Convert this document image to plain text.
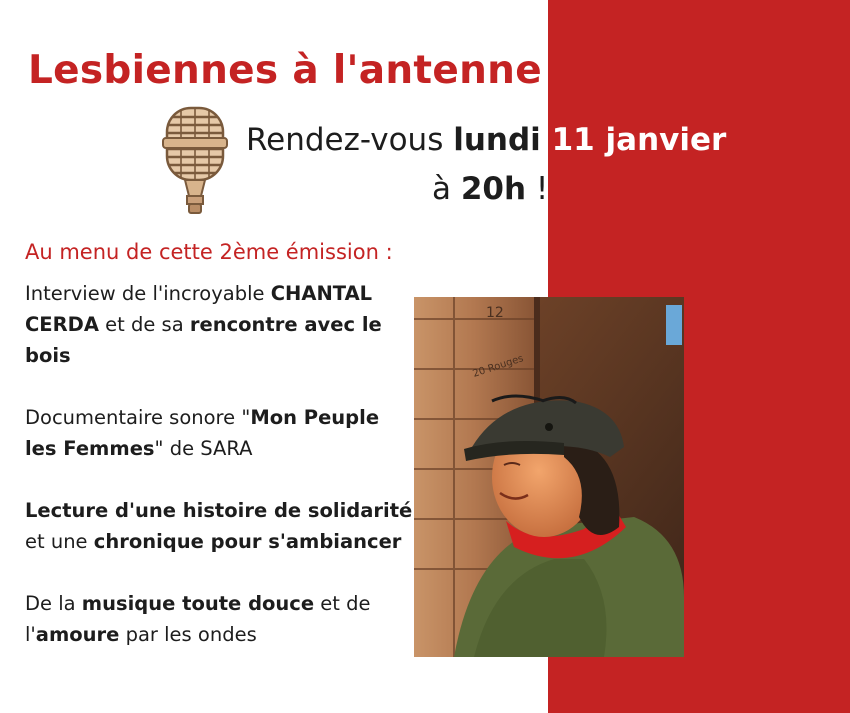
Lesbiennes à l'antenne
Rendez-vous lundi 11 janvier
à 20h !
Au menu de cette 2ème émission :

Interview de l'incroyable CHANTAL CERDA et de sa rencontre avec le bois

Documentaire sonore "Mon Peuple les Femmes" de SARA

Lecture d'une histoire de solidarité et une chronique pour s'ambiancer

De la musique toute douce et de l'amoure par les ondes

12
20 Rouges
